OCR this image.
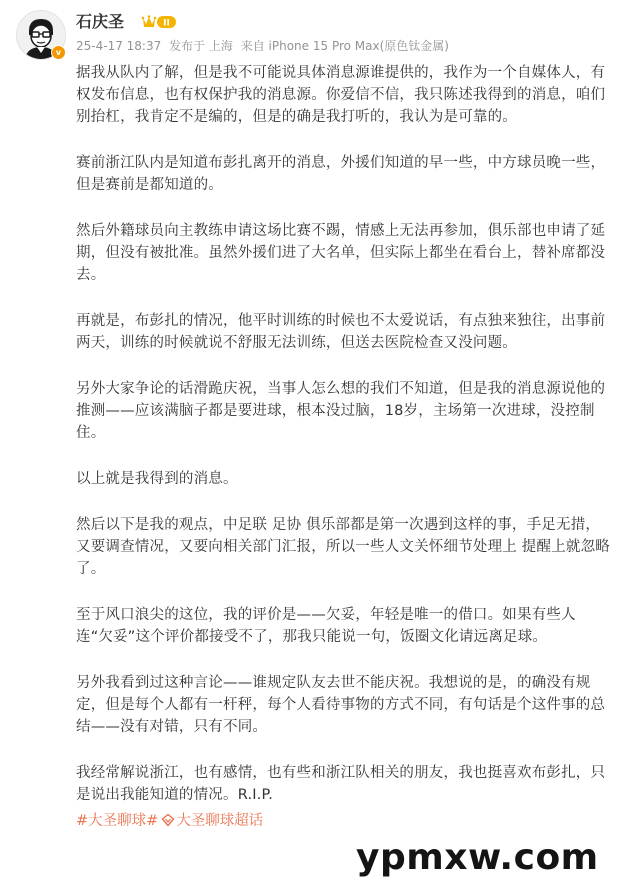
v
石庆圣	II
25-4-17 18:37 发布于 上海 来自 iPhone 15 Pro Max(原色钛金属)

据我从队内了解，但是我不可能说具体消息源谁提供的，我作为一个自媒体人，有权发布信息，也有权保护我的消息源。你爱信不信，我只陈述我得到的消息，咱们别抬杠，我肯定不是编的，但是的确是我打听的，我认为是可靠的。

赛前浙江队内是知道布彭扎离开的消息，外援们知道的早一些，中方球员晚一些，但是赛前是都知道的。

然后外籍球员向主教练申请这场比赛不踢，情感上无法再参加，俱乐部也申请了延期，但没有被批准。虽然外援们进了大名单，但实际上都坐在看台上，替补席都没去。

再就是，布彭扎的情况，他平时训练的时候也不太爱说话，有点独来独往，出事前两天，训练的时候就说不舒服无法训练，但送去医院检查又没问题。

另外大家争论的话滑跪庆祝，当事人怎么想的我们不知道，但是我的消息源说他的推测——应该满脑子都是要进球，根本没过脑，18岁，主场第一次进球，没控制住。

以上就是我得到的消息。

然后以下是我的观点，中足联 足协 俱乐部都是第一次遇到这样的事，手足无措，又要调查情况，又要向相关部门汇报，所以一些人文关怀细节处理上 提醒上就忽略了。

至于风口浪尖的这位，我的评价是——欠妥，年轻是唯一的借口。如果有些人连“欠妥”这个评价都接受不了，那我只能说一句，饭圈文化请远离足球。

另外我看到过这种言论——谁规定队友去世不能庆祝。我想说的是，的确没有规定，但是每个人都有一杆秤，每个人看待事物的方式不同，有句话是个这件事的总结——没有对错，只有不同。

我经常解说浙江，也有感情，也有些和浙江队相关的朋友，我也挺喜欢布彭扎，只是说出我能知道的情况。R.I.P.

#大圣聊球# 大圣聊球超话
ypmxw.com
